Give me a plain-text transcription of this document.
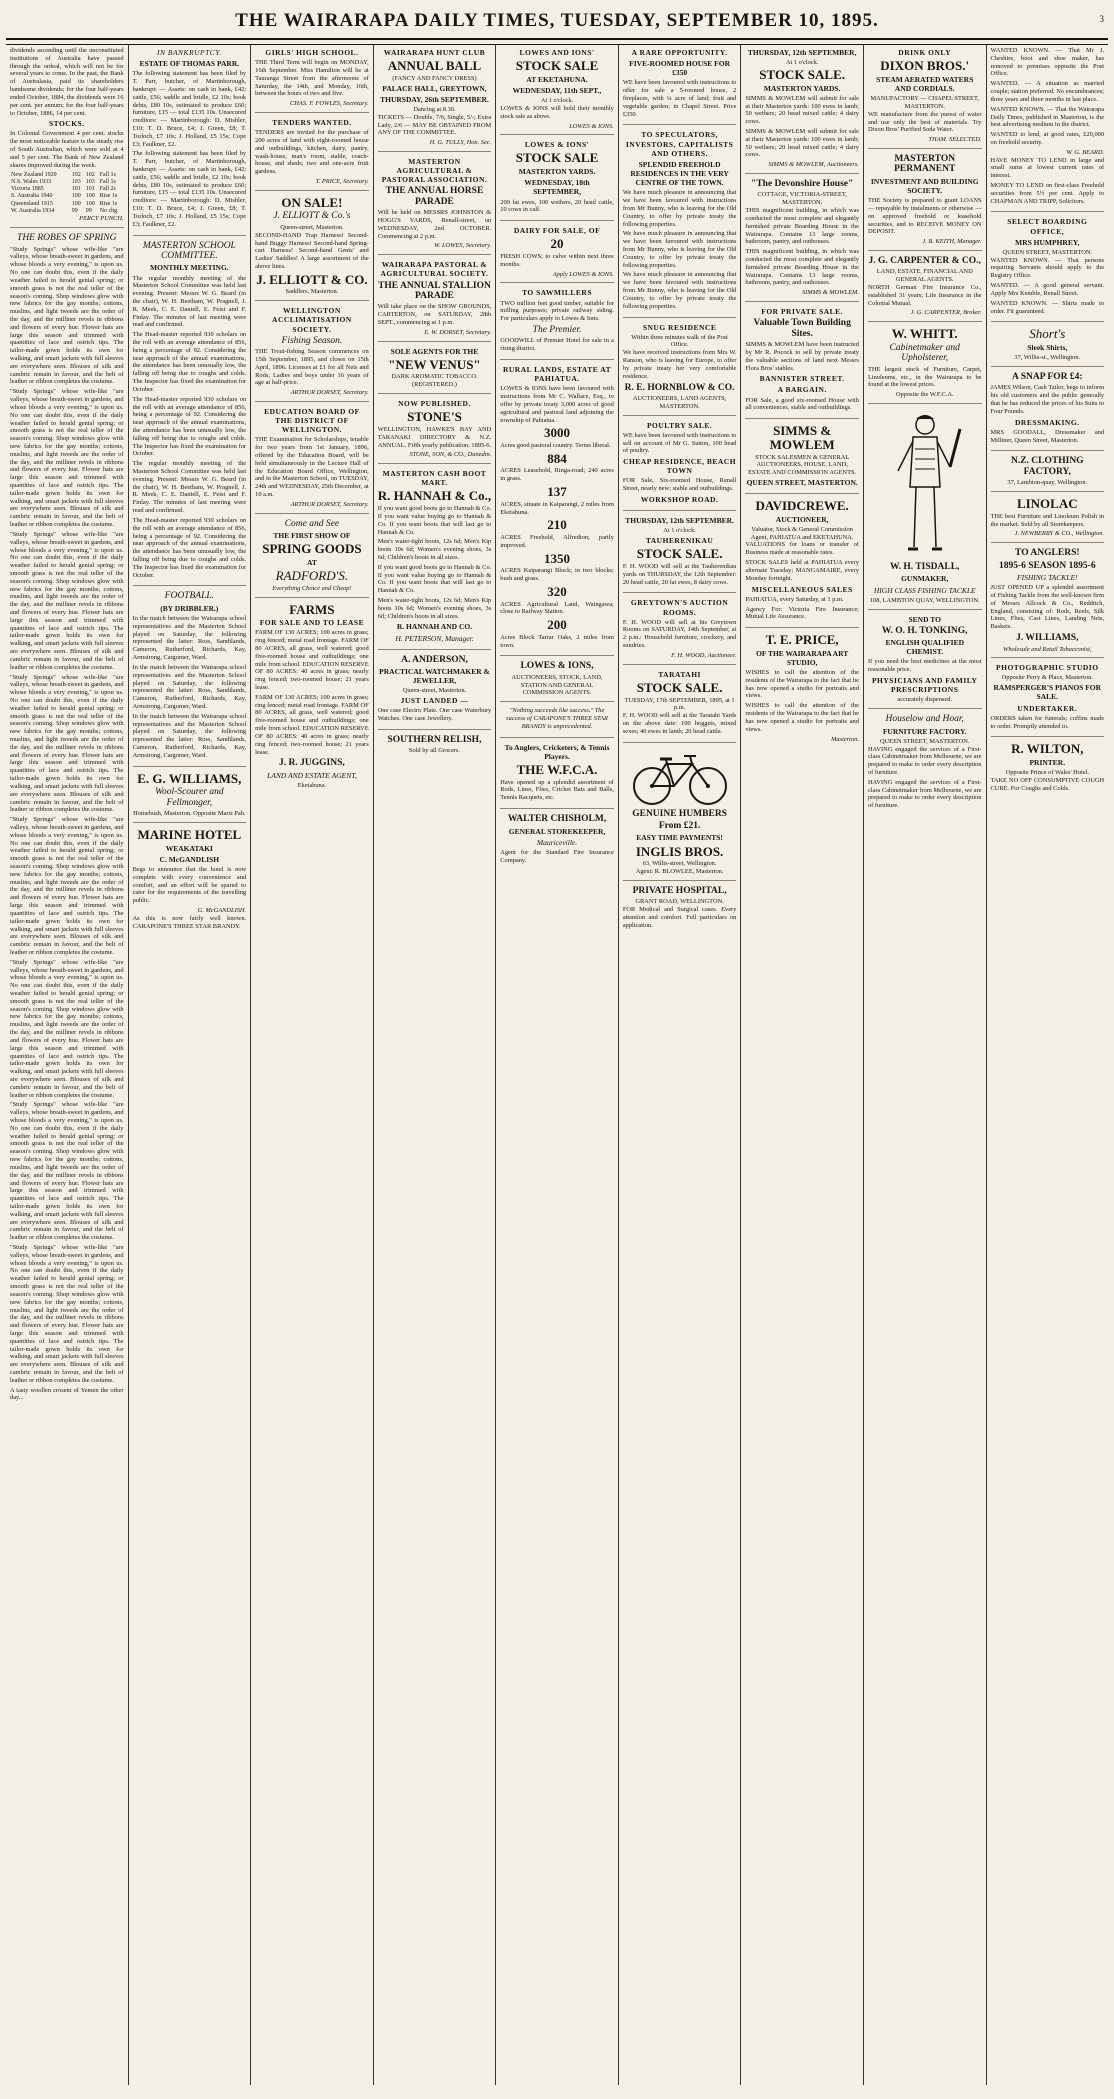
THE WAIRARAPA DAILY TIMES, TUESDAY, SEPTEMBER 10, 1895.	3

dividends ascending until the unconstituted institutions of Australia have passed through the ordeal, which will not be for several years to come. In the past, the Bank of Australasia, paid its shareholders handsome dividends; for the four half-years ended October, 1884, the dividends were 16 per cent. per annum; for the four half-years to October, 1886, 14 per cent.

STOCKS.

In Colonial Government 4 per cent. stocks the most noticeable feature is the steady rise of South Australian, which were sold at 4 and 5 per cent. The Bank of New Zealand shares improved during the week.

New Zealand 1929	102	102	Fall 1s
N.S. Wales 1933	103	103	Fall 1s
Victoria 1885	101	101	Fall 2s
S. Australia 1940	100	100	Rise 1s
Queensland 1915	100	100	Rise 1s
W. Australia 1934	99	99	No chg
PERCY PUNCH.
THE ROBES OF SPRING

"Study Springs" whose wife-like "are valleys, whose breath-sweet in gardens, and whose bloods a very evening," is upon us. No one can doubt this, even if the daily weather failed to herald genial spring; or smooth grass is not the real teller of the season's coming. Shop windows glow with new fabrics for the gay months; cottons, muslins, and light tweeds are the order of the day, and the milliner revels in ribbons and flowers of every hue. Flower hats are large this season and trimmed with quantities of lace and ostrich tips. The tailor-made gown holds its own for walking, and smart jackets with full sleeves are everywhere seen. Blouses of silk and cambric remain in favour, and the belt of leather or ribbon completes the costume.

"Study Springs" whose wife-like "are valleys, whose breath-sweet in gardens, and whose bloods a very evening," is upon us. No one can doubt this, even if the daily weather failed to herald genial spring; or smooth grass is not the real teller of the season's coming. Shop windows glow with new fabrics for the gay months; cottons, muslins, and light tweeds are the order of the day, and the milliner revels in ribbons and flowers of every hue. Flower hats are large this season and trimmed with quantities of lace and ostrich tips. The tailor-made gown holds its own for walking, and smart jackets with full sleeves are everywhere seen. Blouses of silk and cambric remain in favour, and the belt of leather or ribbon completes the costume.

"Study Springs" whose wife-like "are valleys, whose breath-sweet in gardens, and whose bloods a very evening," is upon us. No one can doubt this, even if the daily weather failed to herald genial spring; or smooth grass is not the real teller of the season's coming. Shop windows glow with new fabrics for the gay months; cottons, muslins, and light tweeds are the order of the day, and the milliner revels in ribbons and flowers of every hue. Flower hats are large this season and trimmed with quantities of lace and ostrich tips. The tailor-made gown holds its own for walking, and smart jackets with full sleeves are everywhere seen. Blouses of silk and cambric remain in favour, and the belt of leather or ribbon completes the costume.

"Study Springs" whose wife-like "are valleys, whose breath-sweet in gardens, and whose bloods a very evening," is upon us. No one can doubt this, even if the daily weather failed to herald genial spring; or smooth grass is not the real teller of the season's coming. Shop windows glow with new fabrics for the gay months; cottons, muslins, and light tweeds are the order of the day, and the milliner revels in ribbons and flowers of every hue. Flower hats are large this season and trimmed with quantities of lace and ostrich tips. The tailor-made gown holds its own for walking, and smart jackets with full sleeves are everywhere seen. Blouses of silk and cambric remain in favour, and the belt of leather or ribbon completes the costume.

"Study Springs" whose wife-like "are valleys, whose breath-sweet in gardens, and whose bloods a very evening," is upon us. No one can doubt this, even if the daily weather failed to herald genial spring; or smooth grass is not the real teller of the season's coming. Shop windows glow with new fabrics for the gay months; cottons, muslins, and light tweeds are the order of the day, and the milliner revels in ribbons and flowers of every hue. Flower hats are large this season and trimmed with quantities of lace and ostrich tips. The tailor-made gown holds its own for walking, and smart jackets with full sleeves are everywhere seen. Blouses of silk and cambric remain in favour, and the belt of leather or ribbon completes the costume.

"Study Springs" whose wife-like "are valleys, whose breath-sweet in gardens, and whose bloods a very evening," is upon us. No one can doubt this, even if the daily weather failed to herald genial spring; or smooth grass is not the real teller of the season's coming. Shop windows glow with new fabrics for the gay months; cottons, muslins, and light tweeds are the order of the day, and the milliner revels in ribbons and flowers of every hue. Flower hats are large this season and trimmed with quantities of lace and ostrich tips. The tailor-made gown holds its own for walking, and smart jackets with full sleeves are everywhere seen. Blouses of silk and cambric remain in favour, and the belt of leather or ribbon completes the costume.

"Study Springs" whose wife-like "are valleys, whose breath-sweet in gardens, and whose bloods a very evening," is upon us. No one can doubt this, even if the daily weather failed to herald genial spring; or smooth grass is not the real teller of the season's coming. Shop windows glow with new fabrics for the gay months; cottons, muslins, and light tweeds are the order of the day, and the milliner revels in ribbons and flowers of every hue. Flower hats are large this season and trimmed with quantities of lace and ostrich tips. The tailor-made gown holds its own for walking, and smart jackets with full sleeves are everywhere seen. Blouses of silk and cambric remain in favour, and the belt of leather or ribbon completes the costume.

"Study Springs" whose wife-like "are valleys, whose breath-sweet in gardens, and whose bloods a very evening," is upon us. No one can doubt this, even if the daily weather failed to herald genial spring; or smooth grass is not the real teller of the season's coming. Shop windows glow with new fabrics for the gay months; cottons, muslins, and light tweeds are the order of the day, and the milliner revels in ribbons and flowers of every hue. Flower hats are large this season and trimmed with quantities of lace and ostrich tips. The tailor-made gown holds its own for walking, and smart jackets with full sleeves are everywhere seen. Blouses of silk and cambric remain in favour, and the belt of leather or ribbon completes the costume.

A tasty woollen crosent of Yemen the other day...

IN BANKRUPTCY.
ESTATE OF THOMAS PARR.

The following statement has been filed by T. Parr, butcher, of Martinborough, bankrupt: — Assets: on cash in bank, £42; cattle, £56; saddle and bridle, £2 10s; book debts, £80 10s, estimated to produce £60; furniture, £15 — total £135 10s. Unsecured creditors: — Martinborough: D. Mishler, £10; T. D. Bruce, £4; J. Green, £8; T. Torloch, £7 10s; J. Holland, £5 15s; Cope £3; Faulkner, £2.

The following statement has been filed by T. Parr, butcher, of Martinborough, bankrupt: — Assets: on cash in bank, £42; cattle, £56; saddle and bridle, £2 10s; book debts, £80 10s, estimated to produce £60; furniture, £15 — total £135 10s. Unsecured creditors: — Martinborough: D. Mishler, £10; T. D. Bruce, £4; J. Green, £8; T. Torloch, £7 10s; J. Holland, £5 15s; Cope £3; Faulkner, £2.

MASTERTON SCHOOL COMMITTEE.
MONTHLY MEETING.

The regular monthly meeting of the Masterton School Committee was held last evening. Present: Messrs W. G. Beard (in the chair), W. H. Beetham, W. Pragnell, J. R. Meek, C. E. Daniell, E. Feist and F. Finlay. The minutes of last meeting were read and confirmed.

The Head-master reported 930 scholars on the roll with an average attendance of 856, being a percentage of 92. Considering the near approach of the annual examinations, the attendance has been unusually low, the falling off being due to coughs and colds. The Inspector has fixed the examination for October.

The Head-master reported 930 scholars on the roll with an average attendance of 856, being a percentage of 92. Considering the near approach of the annual examinations, the attendance has been unusually low, the falling off being due to coughs and colds. The Inspector has fixed the examination for October.

The regular monthly meeting of the Masterton School Committee was held last evening. Present: Messrs W. G. Beard (in the chair), W. H. Beetham, W. Pragnell, J. R. Meek, C. E. Daniell, E. Feist and F. Finlay. The minutes of last meeting were read and confirmed.

The Head-master reported 930 scholars on the roll with an average attendance of 856, being a percentage of 92. Considering the near approach of the annual examinations, the attendance has been unusually low, the falling off being due to coughs and colds. The Inspector has fixed the examination for October.

FOOTBALL.
(BY DRIBBLER.)

In the match between the Wairarapa school representatives and the Masterton School played on Saturday, the following represented the latter: Ross, Sandilands, Cameron, Rutherford, Richards, Kay, Armstrong, Cargomer, Ward.

In the match between the Wairarapa school representatives and the Masterton School played on Saturday, the following represented the latter: Ross, Sandilands, Cameron, Rutherford, Richards, Kay, Armstrong, Cargomer, Ward.

In the match between the Wairarapa school representatives and the Masterton School played on Saturday, the following represented the latter: Ross, Sandilands, Cameron, Rutherford, Richards, Kay, Armstrong, Cargomer, Ward.

E. G. WILLIAMS,
Wool-Scourer and Fellmonger,
Homebush, Masterton. Opposite Marsi Pah.
MARINE HOTEL
WEAKATAKI
C. McGANDLISH

Begs to announce that the hotel is now complete with every convenience and comfort, and an effort will be spared to cater for the requirements of the travelling public.

G. McGANDLISH.

As this is now fairly well known. CARAPONE'S THREE STAR BRANDY.

GIRLS' HIGH SCHOOL.

THE Third Term will begin on MONDAY, 16th September. Miss Hamilton will be at Tauranga Street from the afternoons of Saturday, the 14th, and Monday, 16th, between the hours of two and five.

CHAS. F. FOWLES, Secretary.
TENDERS WANTED.

TENDERS are invited for the purchase of 200 acres of land with eight-roomed house and outbuildings, kitchen, dairy, pantry, wash-house, man's room, stable, coach-house, and sheds; two and one-acre fruit gardens.

T. PRICE, Secretary.
ON SALE!
J. ELLIOTT & Co.'s
Queen-street, Masterton.

SECOND-HAND Trap Harness! Second-hand Buggy Harness! Second-hand Spring-cart Harness! Second-hand Gents' and Ladies' Saddles! A large assortment of the above lines.

J. ELLIOTT & CO.
Saddlers, Masterton.
WELLINGTON ACCLIMATISATION SOCIETY.
Fishing Season.

THE Trout-fishing Season commences on 15th September, 1895, and closes on 15th April, 1896. Licenses at £1 for all Nets and Rods; Ladies and boys under 16 years of age at half-price.

ARTHUR DORSET, Secretary.
EDUCATION BOARD OF THE DISTRICT OF WELLINGTON.

THE Examination for Scholarships, tenable for two years from 1st January, 1896, offered by the Education Board, will be held simultaneously in the Lecture Hall of the Education Board Office, Wellington, and in the Masterton School, on TUESDAY, 24th and WEDNESDAY, 25th December, at 10 a.m.

ARTHUR DORSET, Secretary.
Come and See
THE FIRST SHOW OF
SPRING GOODS
AT
RADFORD'S.
Everything Choice and Cheap!
FARMS
FOR SALE AND TO LEASE

FARM OF 130 ACRES; 100 acres in grass; ring fenced; metal road frontage. FARM OF 80 ACRES, all grass, well watered; good five-roomed house and outbuildings; one mile from school. EDUCATION RESERVE OF 80 ACRES: 40 acres in grass; nearly ring fenced; two-roomed house; 21 years lease.

FARM OF 130 ACRES; 100 acres in grass; ring fenced; metal road frontage. FARM OF 80 ACRES, all grass, well watered; good five-roomed house and outbuildings; one mile from school. EDUCATION RESERVE OF 80 ACRES: 40 acres in grass; nearly ring fenced; two-roomed house; 21 years lease.

J. R. JUGGINS,
LAND AND ESTATE AGENT,
Eketahuna.
WAIRARAPA HUNT CLUB
ANNUAL BALL
(FANCY AND FANCY DRESS)
PALACE HALL, GREYTOWN,
THURSDAY, 26th SEPTEMBER.
Dancing at 8.30.

TICKETS — Double, 7/6; Single, 5/-; Extra Lady, 2/6 — MAY BE OBTAINED FROM ANY OF THE COMMITTEE.

H. G. TULLY, Hon. Sec.
MASTERTON AGRICULTURAL & PASTORAL ASSOCIATION.
THE ANNUAL HORSE PARADE

Will be held on MESSRS JOHNSTON & HOGG'S YARDS, Renall-street, on WEDNESDAY, 2nd OCTOBER. Commencing at 2 p.m.

W. LOWES, Secretary.
WAIRARAPA PASTORAL & AGRICULTURAL SOCIETY.
THE ANNUAL STALLION PARADE

Will take place on the SHOW GROUNDS, CARTERTON, on SATURDAY, 28th SEPT., commencing at 1 p.m.

E. W. DORSET, Secretary.
SOLE AGENTS FOR THE
"NEW VENUS"
DARK AROMATIC TOBACCO. (REGISTERED.)
NOW PUBLISHED.
STONE'S

WELLINGTON, HAWKE'S BAY AND TARANAKI DIRECTORY & N.Z. ANNUAL. Fifth yearly publication. 1895-6.

STONE, SON, & CO., Dunedin.
MASTERTON CASH BOOT MART.
R. HANNAH & Co.,

If you want good boots go to Hannah & Co. If you want value buying go to Hannah & Co. If you want boots that will last go to Hannah & Co.

Men's water-tight boots, 12s 6d; Men's Kip boots 10s 6d; Women's evening shoes, 3s 6d; Children's boots in all sizes.

If you want good boots go to Hannah & Co. If you want value buying go to Hannah & Co. If you want boots that will last go to Hannah & Co.

Men's water-tight boots, 12s 6d; Men's Kip boots 10s 6d; Women's evening shoes, 3s 6d; Children's boots in all sizes.

R. HANNAH AND CO.
H. PETERSON, Manager.
A. ANDERSON,
PRACTICAL WATCHMAKER & JEWELLER,
Queen-street, Masterton.
JUST LANDED —

One case Electro Plate. One case Waterbury Watches. One case Jewellery.

SOUTHERN RELISH,
Sold by all Grocers.
LOWES AND IONS'
STOCK SALE
AT EKETAHUNA.
WEDNESDAY, 11th SEPT.,
At 1 o'clock.

LOWES & IONS will hold their monthly stock sale as above.

LOWES & IONS.
LOWES & IONS'
STOCK SALE
MASTERTON YARDS.
WEDNESDAY, 18th SEPTEMBER,

200 fat ewes, 100 wethers, 20 head cattle, 10 cows in calf.

DAIRY FOR SALE, OF
20

FRESH COWS; to calve within next three months.

Apply LOWES & IONS.
TO SAWMILLERS

TWO million feet good timber, suitable for milling purposes; private railway siding. For particulars apply to Lowes & Ions.

The Premier.

GOODWILL of Premier Hotel for sale in a rising district.

RURAL LANDS, ESTATE AT PAHIATUA.

LOWES & IONS have been favoured with instructions from Mr C. Wallace, Esq., to offer by private treaty 3,000 acres of good agricultural and pastoral land adjoining the township of Pahiatua.

3000

Acres good pastoral country. Terms liberal.

884

ACRES Leasehold, Ringa-road; 240 acres in grass.

137

ACRES, situate in Kaiparangi, 2 miles from Eketahuna.

210

ACRES Freehold, Alfredton; partly improved.

1350

ACRES Kaiparangi Block; in two blocks; bush and grass.

320

ACRES Agricultural Land, Waingawa; close to Railway Station.

200

Acres Block Tarrar Oaks, 2 miles from town.

LOWES & IONS,
AUCTIONEERS, STOCK, LAND, STATION AND GENERAL COMMISSION AGENTS.

"Nothing succeeds like success." The success of CARAPONE'S THREE STAR BRANDY is unprecedented.

To Anglers, Cricketers, & Tennis Players.
THE W.F.C.A.

Have opened up a splendid assortment of Rods, Lines, Flies, Cricket Bats and Balls, Tennis Racquets, etc.

WALTER CHISHOLM,
GENERAL STOREKEEPER,
Mauriceville.

Agent for the Standard Fire Insurance Company.

A RARE OPPORTUNITY.
FIVE-ROOMED HOUSE FOR £350

WE have been favoured with instructions to offer for sale a 5-roomed house, 2 fireplaces, with ¼ acre of land; fruit and vegetable garden; in Chapel Street. Price £350.

TO SPECULATORS, INVESTORS, CAPITALISTS AND OTHERS.
SPLENDID FREEHOLD RESIDENCES IN THE VERY CENTRE OF THE TOWN.

We have much pleasure in announcing that we have been favoured with instructions from Mr Bunny, who is leaving for the Old Country, to offer by private treaty the following properties.

We have much pleasure in announcing that we have been favoured with instructions from Mr Bunny, who is leaving for the Old Country, to offer by private treaty the following properties.

We have much pleasure in announcing that we have been favoured with instructions from Mr Bunny, who is leaving for the Old Country, to offer by private treaty the following properties.

SNUG RESIDENCE
Within three minutes walk of the Post Office.

We have received instructions from Mrs W. Ranson, who is leaving for Europe, to offer by private treaty her very comfortable residence.

R. E. HORNBLOW & CO.
AUCTIONEERS, LAND AGENTS, MASTERTON.
POULTRY SALE.

WE have been favoured with instructions to sell on account of Mr G. Sutton, 100 head of poultry.

CHEAP RESIDENCE, BEACH TOWN

FOR Sale, Six-roomed House, Renall Street, nearly new; stable and outbuildings.

WORKSHOP ROAD.
THURSDAY, 12th SEPTEMBER.
At 1 o'clock.
TAUHERENIKAU
STOCK SALE.

F. H. WOOD will sell at the Tauherenikau yards on THURSDAY, the 12th September: 20 head cattle, 20 fat ewes, 8 dairy cows.

GREYTOWN'S AUCTION ROOMS.

F. H. WOOD will sell at his Greytown Rooms on SATURDAY, 14th September, at 2 p.m.: Household furniture, crockery, and sundries.

F. H. WOOD, Auctioneer.
TARATAHI
STOCK SALE.
TUESDAY, 17th SEPTEMBER, 1895, at 1 p.m.

F. H. WOOD will sell at the Taratahi Yards on the above date: 100 hoggets, mixed sexes; 40 ewes in lamb; 20 head cattle.

GENUINE HUMBERS
From £21.
EASY TIME PAYMENTS!
INGLIS BROS.
63, Willis-street, Wellington.
Agent: R. BLOWLEE, Masterton.
PRIVATE HOSPITAL,
GRANT ROAD, WELLINGTON.

FOR Medical and Surgical cases. Every attention and comfort. Full particulars on application.

THURSDAY, 12th SEPTEMBER,
At 1 o'clock.
STOCK SALE.
MASTERTON YARDS.

SIMMS & MOWLEM will submit for sale at their Masterton yards: 100 ewes in lamb; 50 wethers; 20 head mixed cattle; 4 dairy cows.

SIMMS & MOWLEM will submit for sale at their Masterton yards: 100 ewes in lamb; 50 wethers; 20 head mixed cattle; 4 dairy cows.

SIMMS & MOWLEM, Auctioneers.
"The Devonshire House"
COTTAGE, VICTORIA-STREET, MASTERTON.

THIS magnificent building, in which was conducted the most complete and elegantly furnished private Boarding House in the Wairarapa. Contains 13 large rooms, bathroom, pantry, and outhouses.

THIS magnificent building, in which was conducted the most complete and elegantly furnished private Boarding House in the Wairarapa. Contains 13 large rooms, bathroom, pantry, and outhouses.

SIMMS & MOWLEM.
FOR PRIVATE SALE.
Valuable Town Building Sites.

SIMMS & MOWLEM have been instructed by Mr R. Pocock to sell by private treaty the valuable sections of land next Messrs Flora Bros' stables.

BANNISTER STREET.
A BARGAIN.

FOR Sale, a good six-roomed House with all conveniences, stable and outbuildings.

SIMMS & MOWLEM
STOCK SALESMEN & GENERAL AUCTIONEERS, HOUSE, LAND, ESTATE AND COMMISSION AGENTS.
QUEEN STREET, MASTERTON.
DAVIDCREWE.
AUCTIONEER,
Valuator, Stock & General Commission Agent, PAHIATUA and EKETAHUNA.

VALUATIONS for loans or transfer of Business made at reasonable rates.

STOCK SALES held at PAHIATUA every alternate Tuesday; MANGAMAIRE, every Monday fortnight.

MISCELLANEOUS SALES

PAHIATUA, every Saturday, at 1 p.m.

Agency For: Victoria Fire Insurance; Mutual Life Assurance.

T. E. PRICE,
OF THE WAIRARAPA ART STUDIO,

WISHES to call the attention of the residents of the Wairarapa to the fact that he has now opened a studio for portraits and views.

WISHES to call the attention of the residents of the Wairarapa to the fact that he has now opened a studio for portraits and views.

Masterton.
DRINK ONLY
DIXON BROS.'
STEAM AERATED WATERS AND CORDIALS.
MANUFACTORY — CHAPEL STREET, MASTERTON.

WE manufacture from the purest of water and use only the best of materials. Try Dixon Bros' Purified Soda Water.

THAM. SELECTED.
MASTERTON PERMANENT
INVESTMENT AND BUILDING SOCIETY.

THE Society is prepared to grant LOANS — repayable by instalments or otherwise — on approved freehold or leasehold securities, and to RECEIVE MONEY ON DEPOSIT.

J. B. KEITH, Manager.
J. G. CARPENTER & CO.,
LAND, ESTATE, FINANCIAL AND GENERAL AGENTS.

NORTH German Fire Insurance Co., established 31 years; Life Insurance in the Colonial Mutual.

J. G. CARPENTER, Broker.
W. WHITT.
Cabinetmaker and Upholsterer,

THE largest stock of Furniture, Carpet, Linoleums, etc., in the Wairarapa to be found at the lowest prices.

Opposite the W.F.C.A.
W. H. TISDALL,
GUNMAKER,
HIGH CLASS FISHING TACKLE
108, LAMBTON QUAY, WELLINGTON.
SEND TO
W. O. H. TONKING,
ENGLISH QUALIFIED CHEMIST.

If you need the best medicines at the most reasonable price.

PHYSICIANS AND FAMILY PRESCRIPTIONS
accurately dispensed.
Houselow and Hoar,
FURNITURE FACTORY.
QUEEN STREET, MASTERTON.

HAVING engaged the services of a First-class Cabinetmaker from Melbourne, we are prepared to make to order every description of furniture.

HAVING engaged the services of a First-class Cabinetmaker from Melbourne, we are prepared to make to order every description of furniture.

WANTED KNOWN. — That Mr J. Cheshire, boot and shoe maker, has removed to premises opposite the Post Office.

WANTED. — A situation as married couple; station preferred. No encumbrances; three years and three months in last place.

WANTED KNOWN. — That the Wairarapa Daily Times, published in Masterton, is the best advertising medium in the district.

WANTED to lend, at good rates, £20,000 on freehold security.

W. G. BEARD.

HAVE MONEY TO LEND in large and small sums at lowest current rates of interest.

MONEY TO LEND on first-class Freehold securities from 5½ per cent. Apply to CHAPMAN AND TRIPP, Solicitors.

SELECT BOARDING OFFICE,
MRS HUMPHREY,
QUEEN STREET, MASTERTON.

WANTED KNOWN. — That persons requiring Servants should apply to the Registry Office.

WANTED. — A good general servant. Apply Mrs Kemble, Renall Street.

WANTED KNOWN. — Shirts made to order. Fit guaranteed.

Short's
Sleek Shirts,
37, Willis-st., Wellington.
A SNAP FOR £4:

JAMES Wilson, Cash Tailor, begs to inform his old customers and the public generally that he has reduced the prices of his Suits to Four Pounds.

DRESSMAKING.

MRS GOODALL, Dressmaker and Milliner, Queen Street, Masterton.

N.Z. CLOTHING FACTORY,
37, Lambton-quay, Wellington.
LINOLAC

THE best Furniture and Linoleum Polish in the market. Sold by all Storekeepers.

J. NEWBERRY & CO., Wellington.
TO ANGLERS!
1895-6 SEASON 1895-6
FISHING TACKLE!

JUST OPENED UP a splendid assortment of Fishing Tackle from the well-known firm of Messrs Allcock & Co., Redditch, England, consisting of: Rods, Reels, Silk Lines, Flies, Cast Lines, Landing Nets, Baskets.

J. WILLIAMS,
Wholesale and Retail Tobacconist,
PHOTOGRAPHIC STUDIO
Opposite Perry & Place, Masterton.
RAMSPERGER'S PIANOS FOR SALE.
UNDERTAKER.

ORDERS taken for funerals; coffins made to order. Promptly attended to.

R. WILTON,
PRINTER.
Opposite Prince of Wales' Hotel.

TAKE NO OFF CONSUMPTIVE COUGH CURE. For Coughs and Colds.
